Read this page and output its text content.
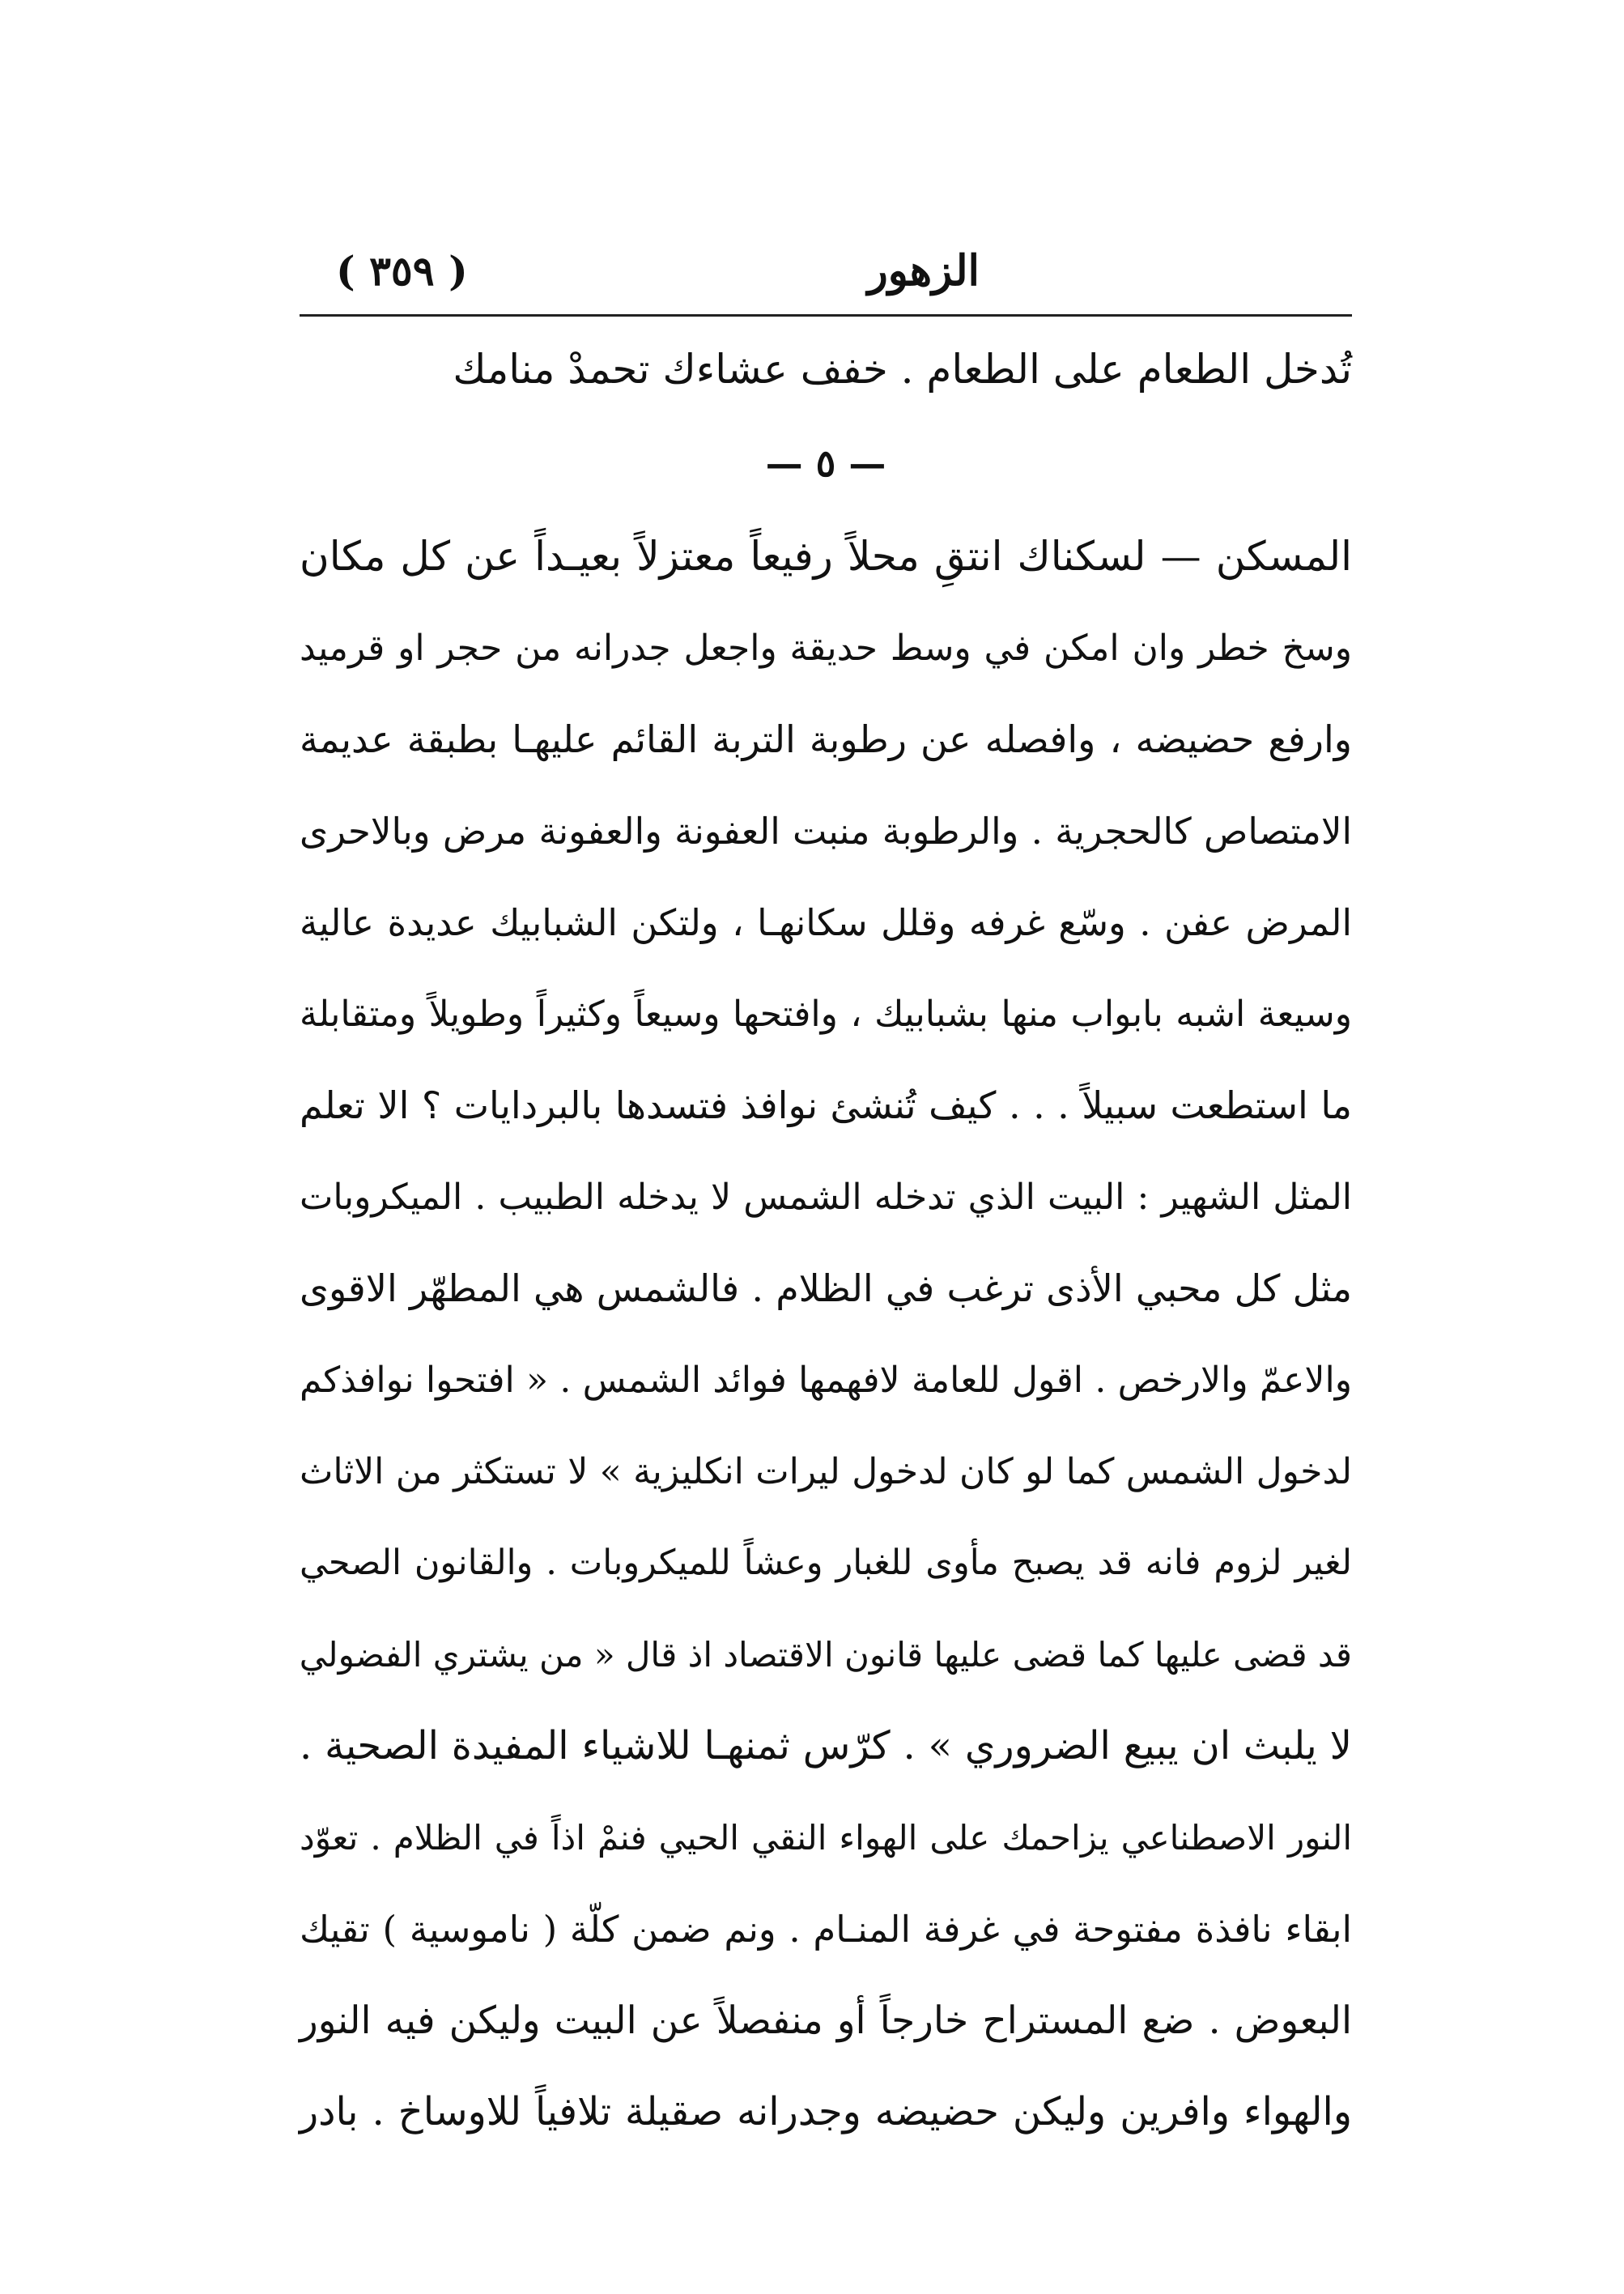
الزهور
( ٣٥٩ )
تُدخل الطعام على الطعام . خفف عشاءك تحمدْ منامك
— ٥ —
المسكن — لسكناك انتقِ محلاً رفيعاً معتزلاً بعيـداً عن كل مكان
وسخ خطر وان امكن في وسط حديقة واجعل جدرانه من حجر او قرميد
وارفع حضيضه ، وافصله عن رطوبة التربة القائم عليهـا بطبقة عديمة
الامتصاص كالحجرية . والرطوبة منبت العفونة والعفونة مرض وبالاحرى
المرض عفن . وسّع غرفه وقلل سكانهـا ، ولتكن الشبابيك عديدة عالية
وسيعة اشبه بابواب منها بشبابيك ، وافتحها وسيعاً وكثيراً وطويلاً ومتقابلة
ما استطعت سبيلاً . . . كيف تُنشئ نوافذ فتسدها بالبردايات ؟ الا تعلم
المثل الشهير : البيت الذي تدخله الشمس لا يدخله الطبيب . الميكروبات
مثل كل محبي الأذى ترغب في الظلام . فالشمس هي المطهّر الاقوى
والاعمّ والارخص . اقول للعامة لافهمها فوائد الشمس . « افتحوا نوافذكم
لدخول الشمس كما لو كان لدخول ليرات انكليزية » لا تستكثر من الاثاث
لغير لزوم فانه قد يصبح مأوى للغبار وعشاً للميكروبات . والقانون الصحي
قد قضى عليها كما قضى عليها قانون الاقتصاد اذ قال « من يشتري الفضولي
لا يلبث ان يبيع الضروري » . كرّس ثمنهـا للاشياء المفيدة الصحية .
النور الاصطناعي يزاحمك على الهواء النقي الحيي فنمْ اذاً في الظلام . تعوّد
ابقاء نافذة مفتوحة في غرفة المنـام . ونم ضمن كلّة ( ناموسية ) تقيك
البعوض . ضع المستراح خارجاً أو منفصلاً عن البيت وليكن فيه النور
والهواء وافرين وليكن حضيضه وجدرانه صقيلة تلافياً للاوساخ . بادر
